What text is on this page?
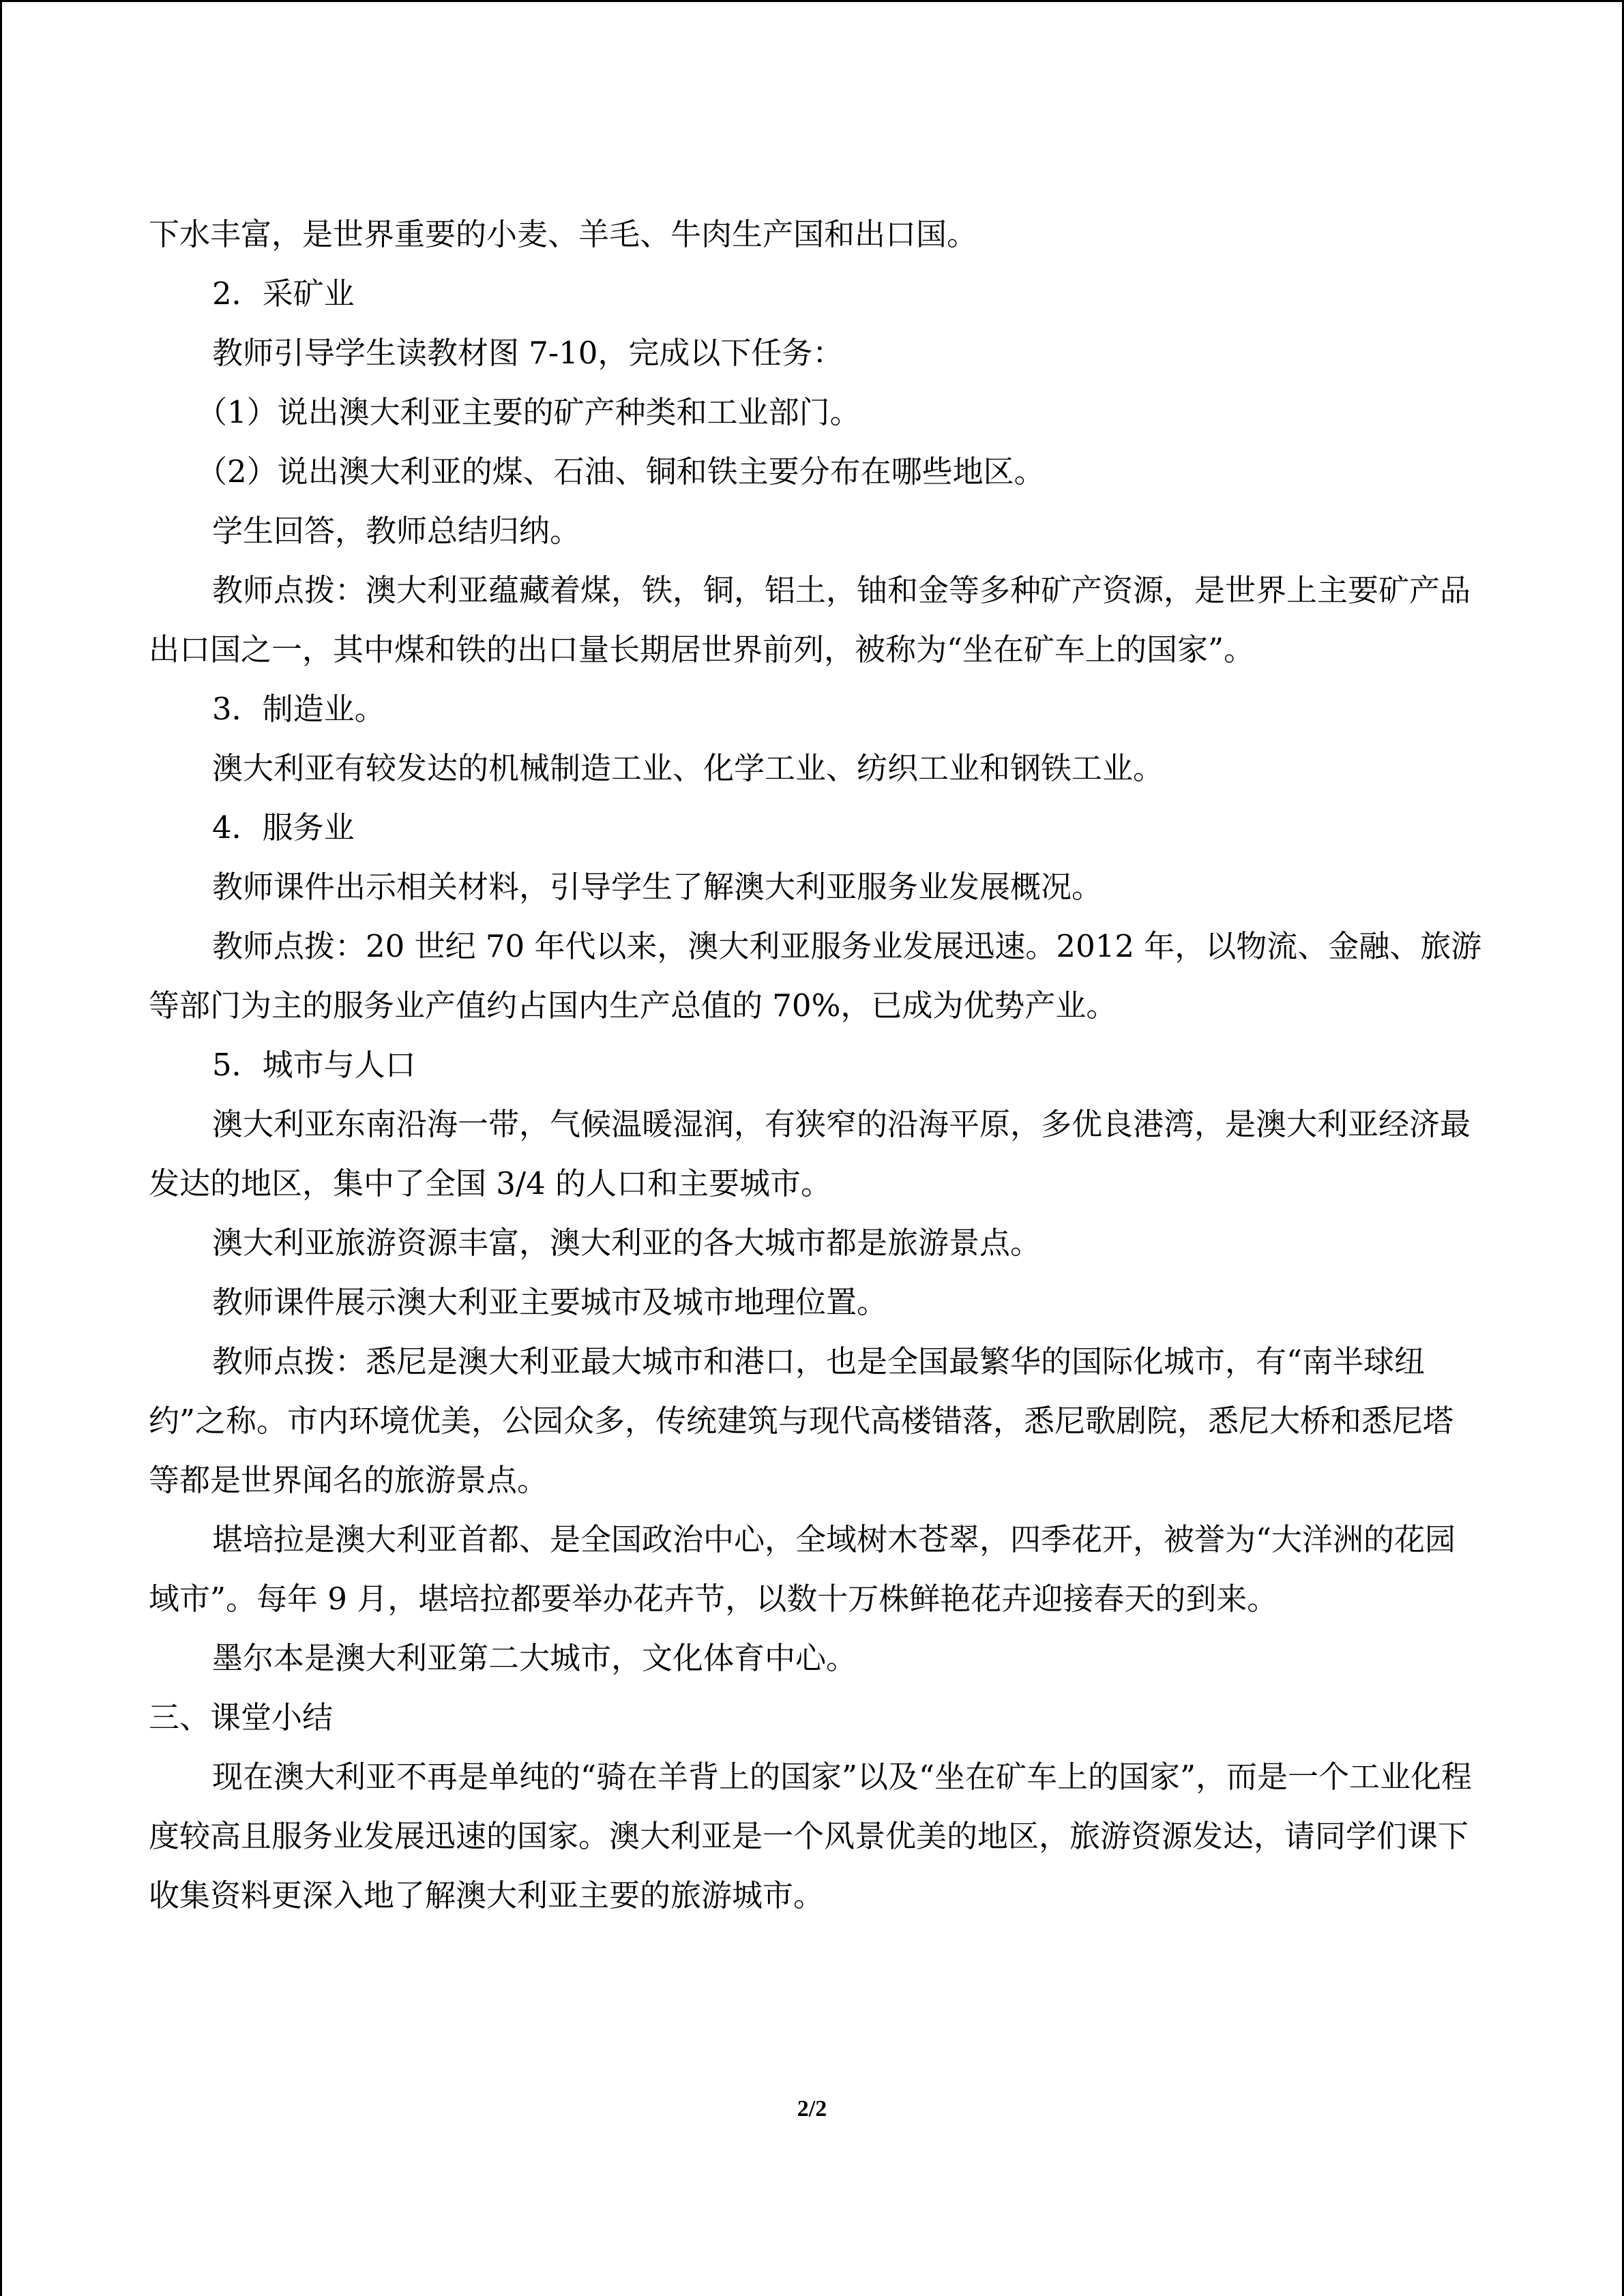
下水丰富，是世界重要的小麦、羊毛、牛肉生产国和出口国。

2．采矿业

教师引导学生读教材图 7-10，完成以下任务：

（1）说出澳大利亚主要的矿产种类和工业部门。

（2）说出澳大利亚的煤、石油、铜和铁主要分布在哪些地区。

学生回答，教师总结归纳。

教师点拨：澳大利亚蕴藏着煤，铁，铜，铝土，铀和金等多种矿产资源，是世界上主要矿产品出口国之一，其中煤和铁的出口量长期居世界前列，被称为“坐在矿车上的国家”。

3．制造业。

澳大利亚有较发达的机械制造工业、化学工业、纺织工业和钢铁工业。

4．服务业

教师课件出示相关材料，引导学生了解澳大利亚服务业发展概况。

教师点拨：20 世纪 70 年代以来，澳大利亚服务业发展迅速。2012 年，以物流、金融、旅游等部门为主的服务业产值约占国内生产总值的 70%，已成为优势产业。

5．城市与人口

澳大利亚东南沿海一带，气候温暖湿润，有狭窄的沿海平原，多优良港湾，是澳大利亚经济最发达的地区，集中了全国 3/4 的人口和主要城市。

澳大利亚旅游资源丰富，澳大利亚的各大城市都是旅游景点。

教师课件展示澳大利亚主要城市及城市地理位置。

教师点拨：悉尼是澳大利亚最大城市和港口，也是全国最繁华的国际化城市，有“南半球纽约”之称。市内环境优美，公园众多，传统建筑与现代高楼错落，悉尼歌剧院，悉尼大桥和悉尼塔等都是世界闻名的旅游景点。

堪培拉是澳大利亚首都、是全国政治中心，全域树木苍翠，四季花开，被誉为“大洋洲的花园域市”。每年 9 月，堪培拉都要举办花卉节，以数十万株鲜艳花卉迎接春天的到来。

墨尔本是澳大利亚第二大城市，文化体育中心。

三、课堂小结

现在澳大利亚不再是单纯的“骑在羊背上的国家”以及“坐在矿车上的国家”，而是一个工业化程度较高且服务业发展迅速的国家。澳大利亚是一个风景优美的地区，旅游资源发达，请同学们课下收集资料更深入地了解澳大利亚主要的旅游城市。

2/2
